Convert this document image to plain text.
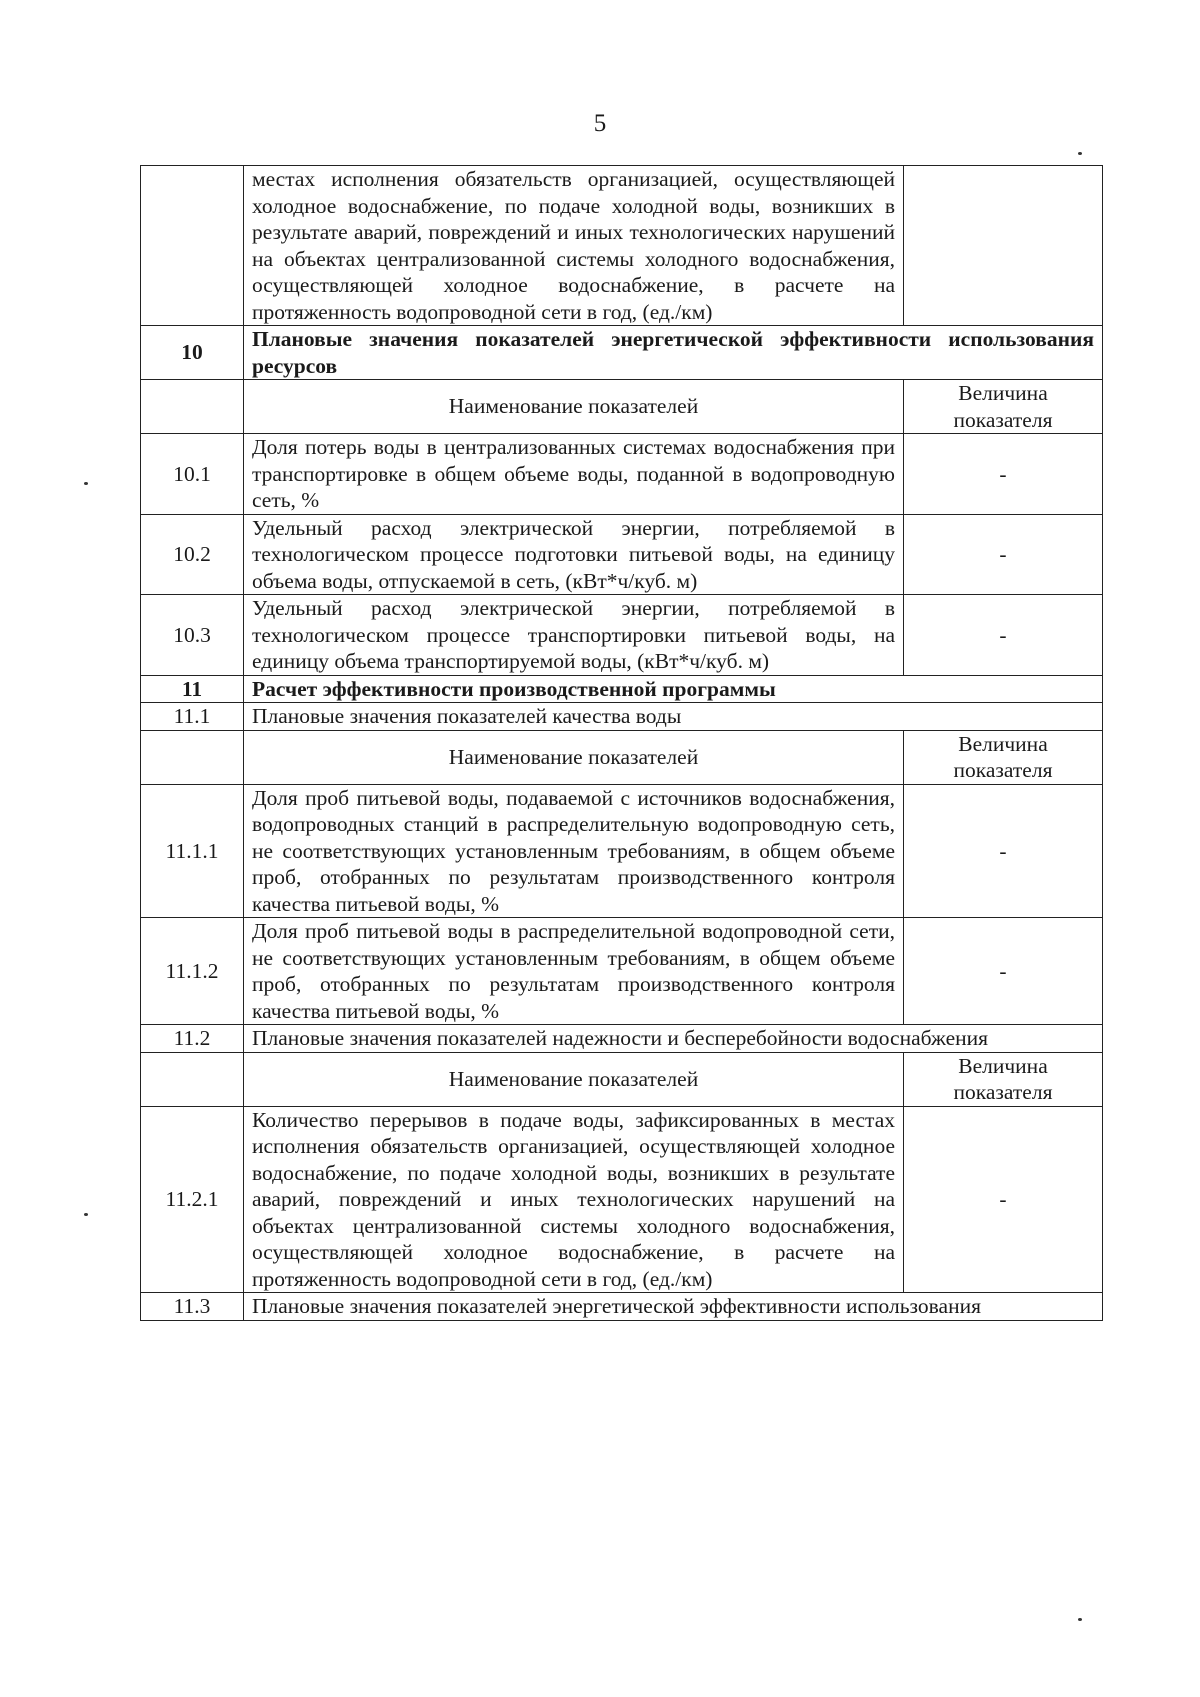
5
	местах исполнения обязательств организацией, осуществляющей холодное водоснабжение, по подаче холодной воды, возникших в результате аварий, повреждений и иных технологических нарушений на объектах централизованной системы холодного водоснабжения, осуществляющей холодное водоснабжение, в расчете на протяженность водопроводной сети в год, (ед./км)	
10	Плановые значения показателей энергетической эффективности использования ресурсов	
	Наименование показателей	Величина показателя
10.1	Доля потерь воды в централизованных системах водоснабжения при транспортировке в общем объеме воды, поданной в водопроводную сеть, %	-
10.2	Удельный расход электрической энергии, потребляемой в технологическом процессе подготовки питьевой воды, на единицу объема воды, отпускаемой в сеть, (кВт*ч/куб. м)	-
10.3	Удельный расход электрической энергии, потребляемой в технологическом процессе транспортировки питьевой воды, на единицу объема транспортируемой воды, (кВт*ч/куб. м)	-
11	Расчет эффективности производственной программы	
11.1	Плановые значения показателей качества воды	
	Наименование показателей	Величина показателя
11.1.1	Доля проб питьевой воды, подаваемой с источников водоснабжения, водопроводных станций в распределительную водопроводную сеть, не соответствующих установленным требованиям, в общем объеме проб, отобранных по результатам производственного контроля качества питьевой воды, %	-
11.1.2	Доля проб питьевой воды в распределительной водопроводной сети, не соответствующих установленным требованиям, в общем объеме проб, отобранных по результатам производственного контроля качества питьевой воды, %	-
11.2	Плановые значения показателей надежности и бесперебойности водоснабжения	
	Наименование показателей	Величина показателя
11.2.1	Количество перерывов в подаче воды, зафиксированных в местах исполнения обязательств организацией, осуществляющей холодное водоснабжение, по подаче холодной воды, возникших в результате аварий, повреждений и иных технологических нарушений на объектах централизованной системы холодного водоснабжения, осуществляющей холодное водоснабжение, в расчете на протяженность водопроводной сети в год, (ед./км)	-
11.3	Плановые значения показателей энергетической эффективности использования	
